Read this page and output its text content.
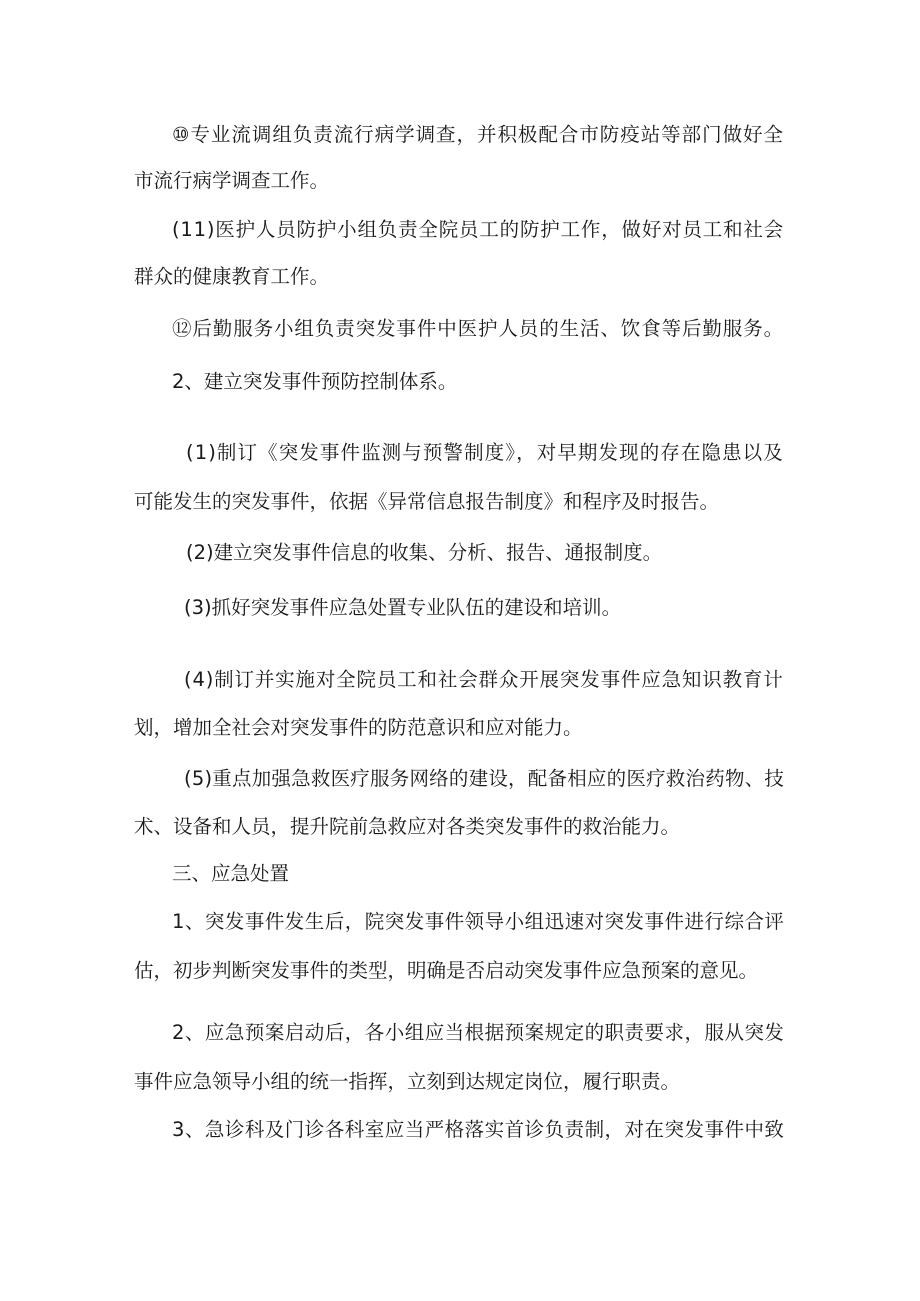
⑩专业流调组负责流行病学调查，并积极配合市防疫站等部门做好全
市流行病学调查工作。
(11)医护人员防护小组负责全院员工的防护工作，做好对员工和社会
群众的健康教育工作。
⑫后勤服务小组负责突发事件中医护人员的生活、饮食等后勤服务。
2、建立突发事件预防控制体系。
(1)制订《突发事件监测与预警制度》，对早期发现的存在隐患以及
可能发生的突发事件，依据《异常信息报告制度》和程序及时报告。
(2)建立突发事件信息的收集、分析、报告、通报制度。
(3)抓好突发事件应急处置专业队伍的建设和培训。
(4)制订并实施对全院员工和社会群众开展突发事件应急知识教育计
划，增加全社会对突发事件的防范意识和应对能力。
(5)重点加强急救医疗服务网络的建设，配备相应的医疗救治药物、技
术、设备和人员，提升院前急救应对各类突发事件的救治能力。
三、应急处置
1、突发事件发生后，院突发事件领导小组迅速对突发事件进行综合评
估，初步判断突发事件的类型，明确是否启动突发事件应急预案的意见。
2、应急预案启动后，各小组应当根据预案规定的职责要求，服从突发
事件应急领导小组的统一指挥，立刻到达规定岗位，履行职责。
3、急诊科及门诊各科室应当严格落实首诊负责制，对在突发事件中致
